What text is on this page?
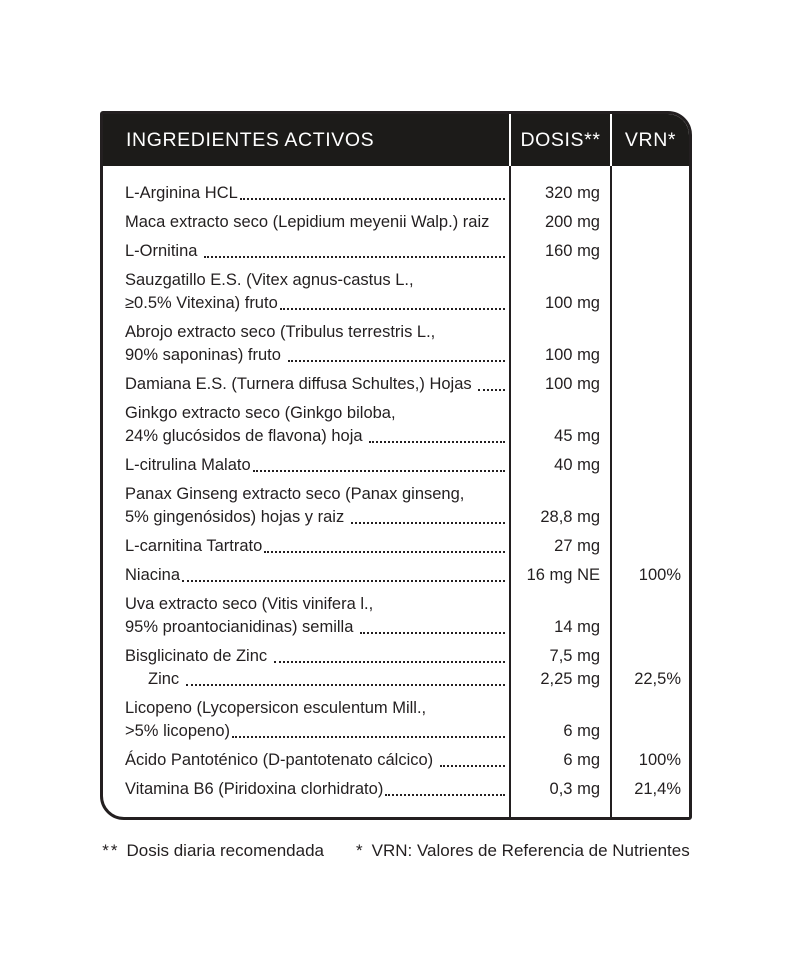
INGREDIENTES ACTIVOS	DOSIS**	VRN*
L-Arginina HCL	320 mg
Maca extracto seco (Lepidium meyenii Walp.) raiz	200 mg
L-Ornitina	160 mg
Sauzgatillo E.S. (Vitex agnus-castus L.,
≥0.5% Vitexina) fruto	100 mg
Abrojo extracto seco (Tribulus terrestris L.,
90% saponinas) fruto	100 mg
Damiana E.S. (Turnera diffusa Schultes,) Hojas	100 mg
Ginkgo extracto seco (Ginkgo biloba,
24% glucósidos de flavona) hoja	45 mg
L-citrulina Malato	40 mg
Panax Ginseng extracto seco (Panax ginseng,
5% gingenósidos) hojas y raiz	28,8 mg
L-carnitina Tartrato	27 mg
Niacina	16 mg NE	100%
Uva extracto seco (Vitis vinifera l.,
95% proantocianidinas) semilla	14 mg
Bisglicinato de Zinc	7,5 mg
Zinc	2,25 mg	22,5%
Licopeno (Lycopersicon esculentum Mill.,
>5% licopeno)	6 mg
Ácido Pantoténico (D-pantotenato cálcico)	6 mg	100%
Vitamina B6 (Piridoxina clorhidrato)	0,3 mg	21,4%
** Dosis diaria recomendada * VRN: Valores de Referencia de Nutrientes
